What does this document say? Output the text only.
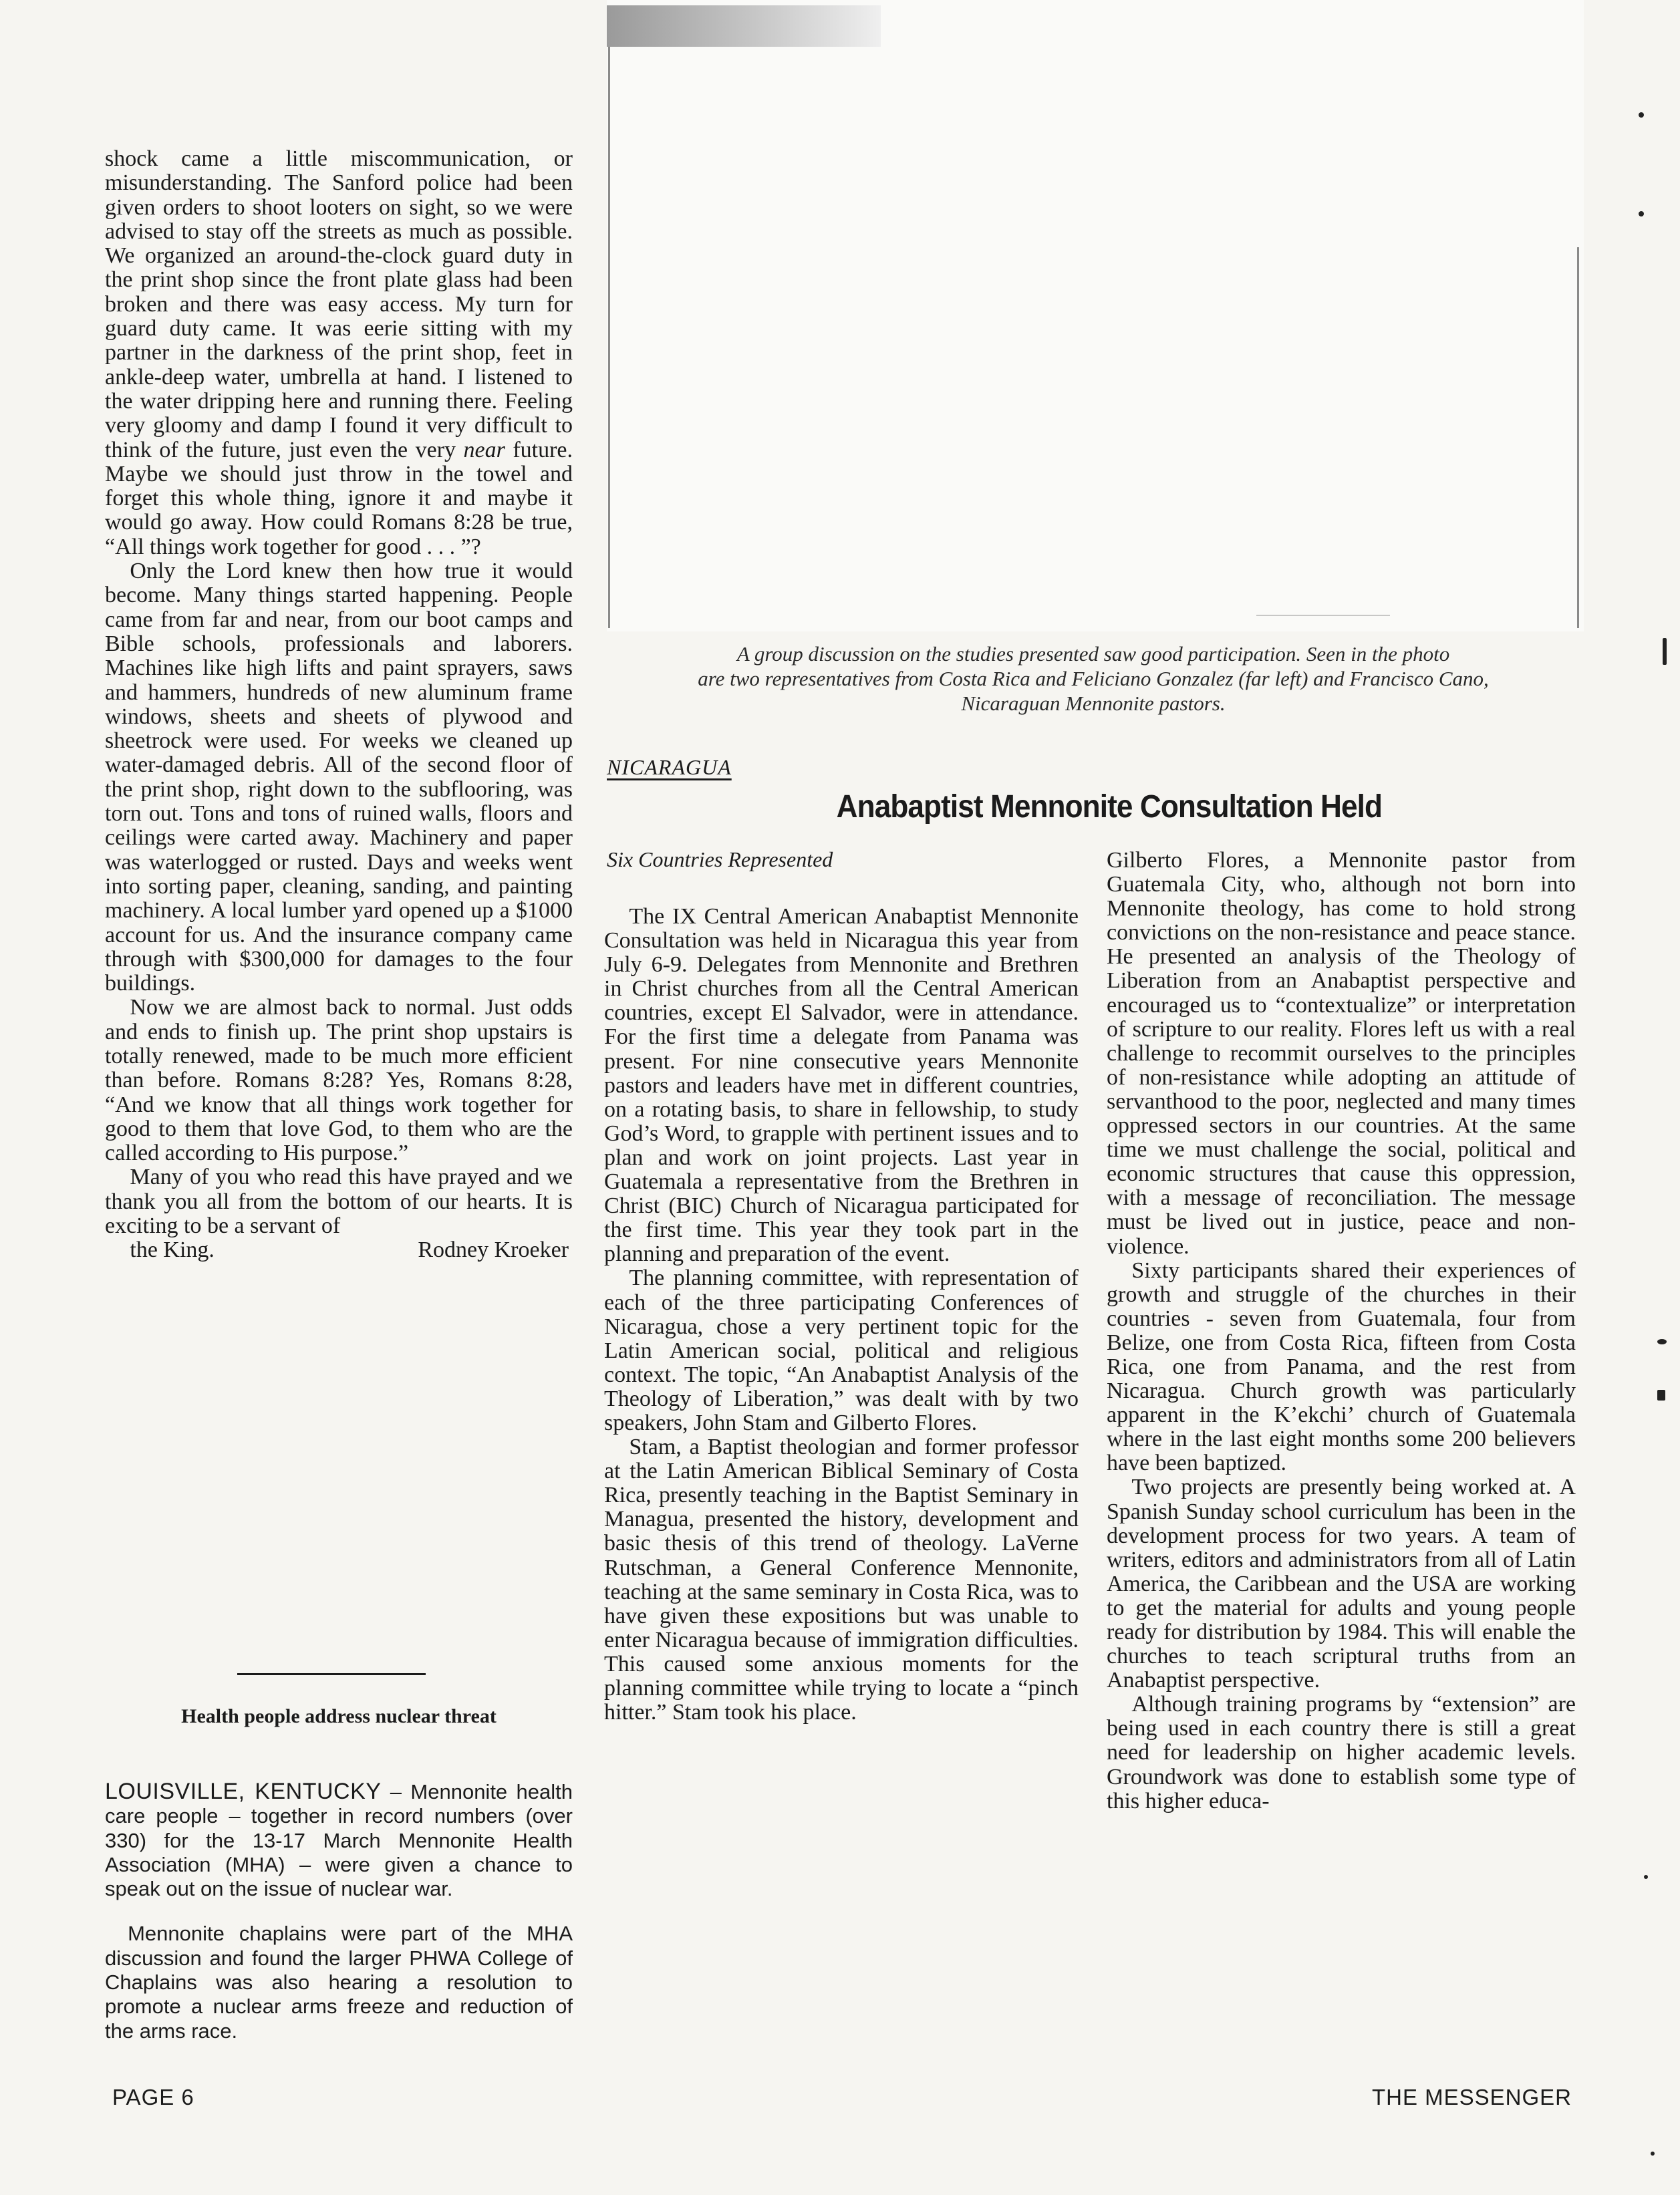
A group discussion on the studies presented saw good participation. Seen in the photo
are two representatives from Costa Rica and Feliciano Gonzalez (far left) and Francisco Cano,
Nicaraguan Mennonite pastors.

shock came a little miscommunication, or misunderstanding. The Sanford police had been given orders to shoot looters on sight, so we were advised to stay off the streets as much as possible. We organized an around-the-clock guard duty in the print shop since the front plate glass had been broken and there was easy access. My turn for guard duty came. It was eerie sitting with my partner in the darkness of the print shop, feet in ankle-deep water, umbrella at hand. I listened to the water dripping here and running there. Feeling very gloomy and damp I found it very difficult to think of the future, just even the very near future. Maybe we should just throw in the towel and forget this whole thing, ignore it and maybe it would go away. How could Romans 8:28 be true, “All things work together for good . . . ”?

Only the Lord knew then how true it would become. Many things started happening. People came from far and near, from our boot camps and Bible schools, professionals and laborers. Machines like high lifts and paint sprayers, saws and hammers, hundreds of new aluminum frame windows, sheets and sheets of plywood and sheetrock were used. For weeks we cleaned up water-damaged debris. All of the second floor of the print shop, right down to the subflooring, was torn out. Tons and tons of ruined walls, floors and ceilings were carted away. Machinery and paper was waterlogged or rusted. Days and weeks went into sorting paper, cleaning, sanding, and painting machinery. A local lumber yard opened up a $1000 account for us. And the insurance company came through with $300,000 for damages to the four buildings.

Now we are almost back to normal. Just odds and ends to finish up. The print shop upstairs is totally renewed, made to be much more efficient than before. Romans 8:28? Yes, Romans 8:28, “And we know that all things work together for good to them that love God, to them who are the called according to His purpose.”

Many of you who read this have prayed and we thank you all from the bottom of our hearts. It is exciting to be a servant of

the King.	Rodney Kroeker

Health people address nuclear threat

LOUISVILLE, KENTUCKY – Mennonite health care people – together in record numbers (over 330) for the 13-17 March Mennonite Health Association (MHA) – were given a chance to speak out on the issue of nuclear war.

Mennonite chaplains were part of the MHA discussion and found the larger PHWA College of Chaplains was also hearing a resolution to promote a nuclear arms freeze and reduction of the arms race.

NICARAGUA
Anabaptist Mennonite Consultation Held
Six Countries Represented

The IX Central American Anabaptist Mennonite Consultation was held in Nicaragua this year from July 6-9. Delegates from Mennonite and Brethren in Christ churches from all the Central American countries, except El Salvador, were in attendance. For the first time a delegate from Panama was present. For nine consecutive years Mennonite pastors and leaders have met in different countries, on a rotating basis, to share in fellowship, to study God’s Word, to grapple with pertinent issues and to plan and work on joint projects. Last year in Guatemala a representative from the Brethren in Christ (BIC) Church of Nicaragua participated for the first time. This year they took part in the planning and preparation of the event.

The planning committee, with representation of each of the three participating Conferences of Nicaragua, chose a very pertinent topic for the Latin American social, political and religious context. The topic, “An Anabaptist Analysis of the Theology of Liberation,” was dealt with by two speakers, John Stam and Gilberto Flores.

Stam, a Baptist theologian and former professor at the Latin American Biblical Seminary of Costa Rica, presently teaching in the Baptist Seminary in Managua, presented the history, development and basic thesis of this trend of theology. LaVerne Rutschman, a General Conference Mennonite, teaching at the same seminary in Costa Rica, was to have given these expositions but was unable to enter Nicaragua because of immigration difficulties. This caused some anxious moments for the planning committee while trying to locate a “pinch hitter.” Stam took his place.

Gilberto Flores, a Mennonite pastor from Guatemala City, who, although not born into Mennonite theology, has come to hold strong convictions on the non-resistance and peace stance. He presented an analysis of the Theology of Liberation from an Anabaptist perspective and encouraged us to “contextualize” or interpretation of scripture to our reality. Flores left us with a real challenge to recommit ourselves to the principles of non-resistance while adopting an attitude of servanthood to the poor, neglected and many times oppressed sectors in our countries. At the same time we must challenge the social, political and economic structures that cause this oppression, with a message of reconciliation. The message must be lived out in justice, peace and non-violence.

Sixty participants shared their experiences of growth and struggle of the churches in their countries - seven from Guatemala, four from Belize, one from Costa Rica, fifteen from Costa Rica, one from Panama, and the rest from Nicaragua. Church growth was particularly apparent in the K’ekchi’ church of Guatemala where in the last eight months some 200 believers have been baptized.

Two projects are presently being worked at. A Spanish Sunday school curriculum has been in the development process for two years. A team of writers, editors and administrators from all of Latin America, the Caribbean and the USA are working to get the material for adults and young people ready for distribution by 1984. This will enable the churches to teach scriptural truths from an Anabaptist perspective.

Although training programs by “extension” are being used in each country there is still a great need for leadership on higher academic levels. Groundwork was done to establish some type of this higher educa-

PAGE 6	THE MESSENGER
